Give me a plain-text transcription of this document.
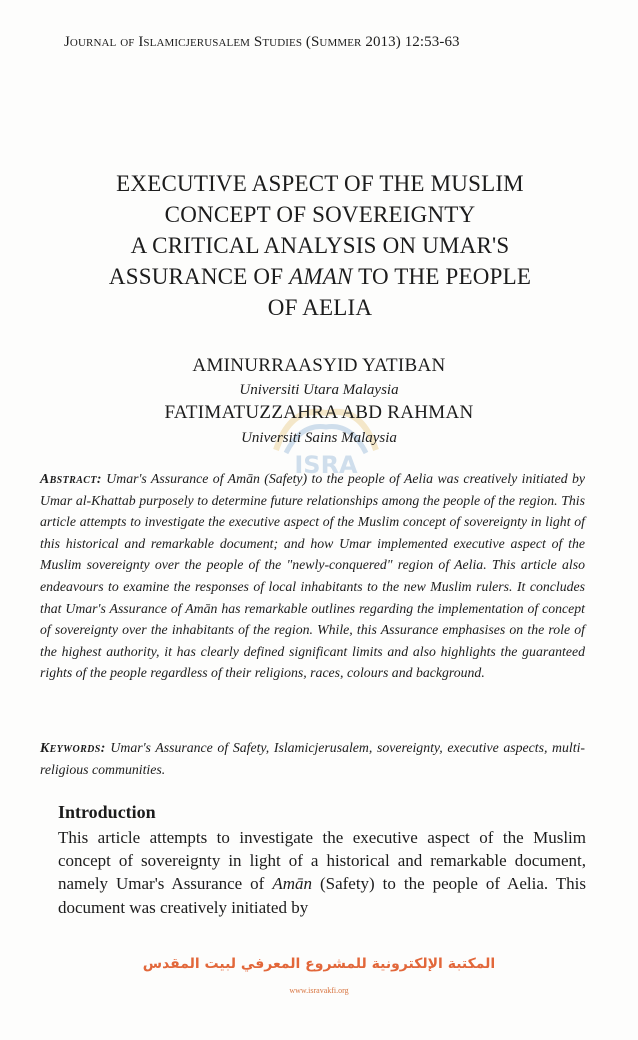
Journal of Islamicjerusalem Studies (Summer 2013) 12:53-63
EXECUTIVE ASPECT OF THE MUSLIM
CONCEPT OF SOVEREIGNTY
A CRITICAL ANALYSIS ON UMAR'S
ASSURANCE OF AMAN TO THE PEOPLE
OF AELIA
ISRA
AMINURRAASYID YATIBAN
Universiti Utara Malaysia
FATIMATUZZAHRA ABD RAHMAN
Universiti Sains Malaysia
Abstract: Umar's Assurance of Amān (Safety) to the people of Aelia was creatively initiated by Umar al-Khattab purposely to determine future relationships among the people of the region. This article attempts to investigate the executive aspect of the Muslim concept of sovereignty in light of this historical and remarkable document; and how Umar implemented executive aspect of the Muslim sovereignty over the people of the "newly-conquered" region of Aelia. This article also endeavours to examine the responses of local inhabitants to the new Muslim rulers. It concludes that Umar's Assurance of Amān has remarkable outlines regarding the implementation of concept of sovereignty over the inhabitants of the region. While, this Assurance emphasises on the role of the highest authority, it has clearly defined significant limits and also highlights the guaranteed rights of the people regardless of their religions, races, colours and background.
Keywords: Umar's Assurance of Safety, Islamicjerusalem, sovereignty, executive aspects, multi-religious communities.
Introduction
This article attempts to investigate the executive aspect of the Muslim concept of sovereignty in light of a historical and remarkable document, namely Umar's Assurance of Amān (Safety) to the people of Aelia. This document was creatively initiated by
المكتبة الإلكترونية للمشروع المعرفي لبيت المقدس
www.isravakfi.org
